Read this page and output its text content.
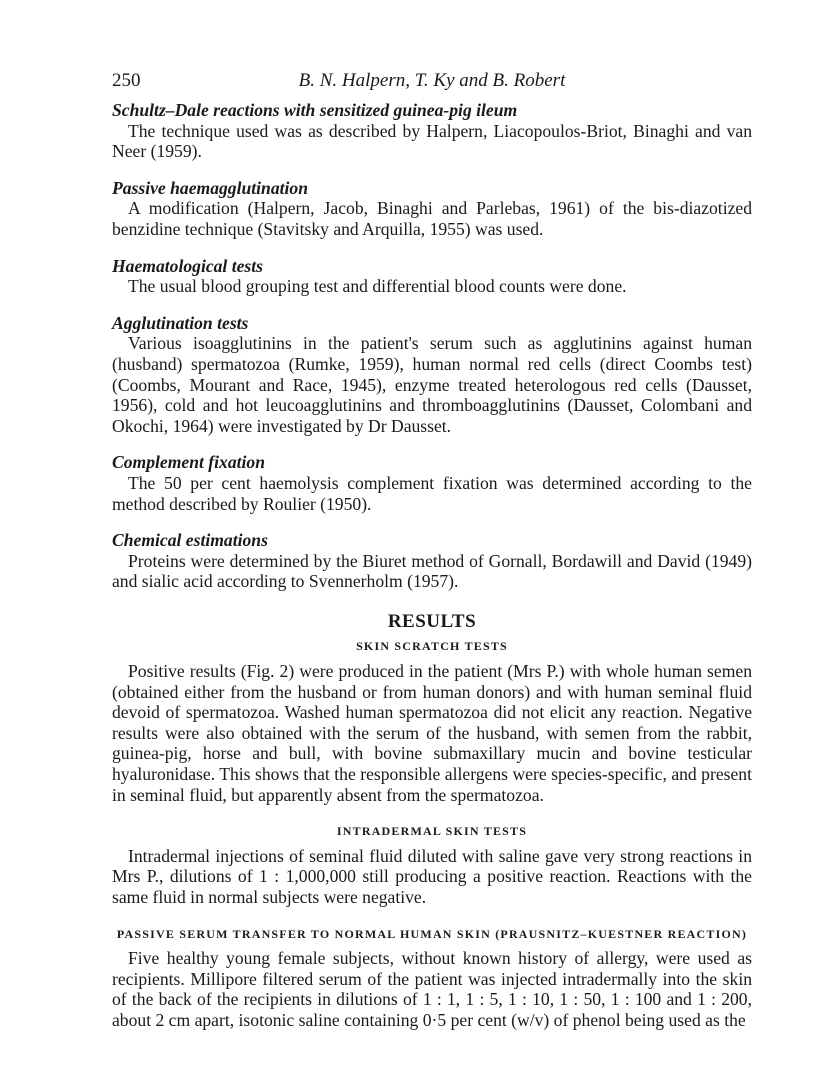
250	B. N. Halpern, T. Ky and B. Robert
Schultz–Dale reactions with sensitized guinea-pig ileum

The technique used was as described by Halpern, Liacopoulos-Briot, Binaghi and van Neer (1959).

Passive haemagglutination

A modification (Halpern, Jacob, Binaghi and Parlebas, 1961) of the bis-diazotized benzidine technique (Stavitsky and Arquilla, 1955) was used.

Haematological tests

The usual blood grouping test and differential blood counts were done.

Agglutination tests

Various isoagglutinins in the patient's serum such as agglutinins against human (husband) spermatozoa (Rumke, 1959), human normal red cells (direct Coombs test) (Coombs, Mourant and Race, 1945), enzyme treated heterologous red cells (Dausset, 1956), cold and hot leucoagglutinins and thromboagglutinins (Dausset, Colombani and Okochi, 1964) were investigated by Dr Dausset.

Complement fixation

The 50 per cent haemolysis complement fixation was determined according to the method described by Roulier (1950).

Chemical estimations

Proteins were determined by the Biuret method of Gornall, Bordawill and David (1949) and sialic acid according to Svennerholm (1957).

RESULTS
SKIN SCRATCH TESTS

Positive results (Fig. 2) were produced in the patient (Mrs P.) with whole human semen (obtained either from the husband or from human donors) and with human seminal fluid devoid of spermatozoa. Washed human spermatozoa did not elicit any reaction. Negative results were also obtained with the serum of the husband, with semen from the rabbit, guinea-pig, horse and bull, with bovine submaxillary mucin and bovine testicular hyaluronidase. This shows that the responsible allergens were species-specific, and present in seminal fluid, but apparently absent from the spermatozoa.

INTRADERMAL SKIN TESTS

Intradermal injections of seminal fluid diluted with saline gave very strong reactions in Mrs P., dilutions of 1 : 1,000,000 still producing a positive reaction. Reactions with the same fluid in normal subjects were negative.

PASSIVE SERUM TRANSFER TO NORMAL HUMAN SKIN (PRAUSNITZ–KUESTNER REACTION)

Five healthy young female subjects, without known history of allergy, were used as recipients. Millipore filtered serum of the patient was injected intradermally into the skin of the back of the recipients in dilutions of 1 : 1, 1 : 5, 1 : 10, 1 : 50, 1 : 100 and 1 : 200, about 2 cm apart, isotonic saline containing 0·5 per cent (w/v) of phenol being used as the
